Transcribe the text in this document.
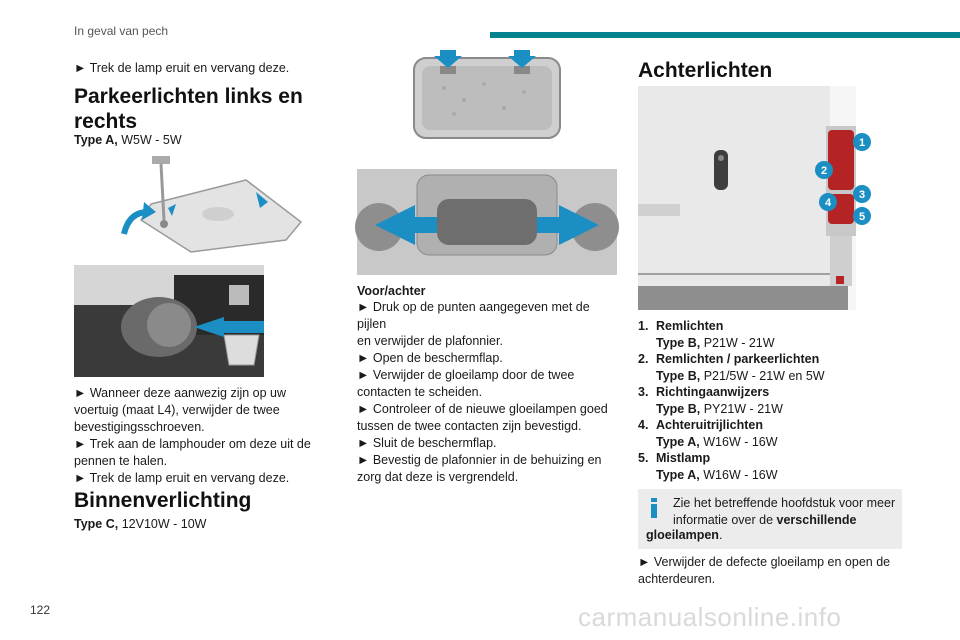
In geval van pech
► Trek de lamp eruit en vervang deze.
Parkeerlichten links en
rechts
Type A, W5W - 5W
► Wanneer deze aanwezig zijn op uw
voertuig (maat L4), verwijder de twee
bevestigingsschroeven.
► Trek aan de lamphouder om deze uit de
pennen te halen.
► Trek de lamp eruit en vervang deze.
Binnenverlichting
Type C, 12V10W - 10W
Voor/achter
► Druk op de punten aangegeven met de pijlen
en verwijder de plafonnier.
► Open de beschermflap.
► Verwijder de gloeilamp door de twee
contacten te scheiden.
► Controleer of de nieuwe gloeilampen goed
tussen de twee contacten zijn bevestigd.
► Sluit de beschermflap.
► Bevestig de plafonnier in de behuizing en
zorg dat deze is vergrendeld.
Achterlichten
1
2
3
4
5
1. Remlichten
Type B, P21W - 21W
2. Remlichten / parkeerlichten
Type B, P21/5W - 21W en 5W
3. Richtingaanwijzers
Type B, PY21W - 21W
4. Achteruitrijlichten
Type A, W16W - 16W
5. Mistlamp
Type A, W16W - 16W
Zie het betreffende hoofdstuk voor meer
informatie over de verschillende
gloeilampen.
► Verwijder de defecte gloeilamp en open de
achterdeuren.
122	carmanualsonline.info
